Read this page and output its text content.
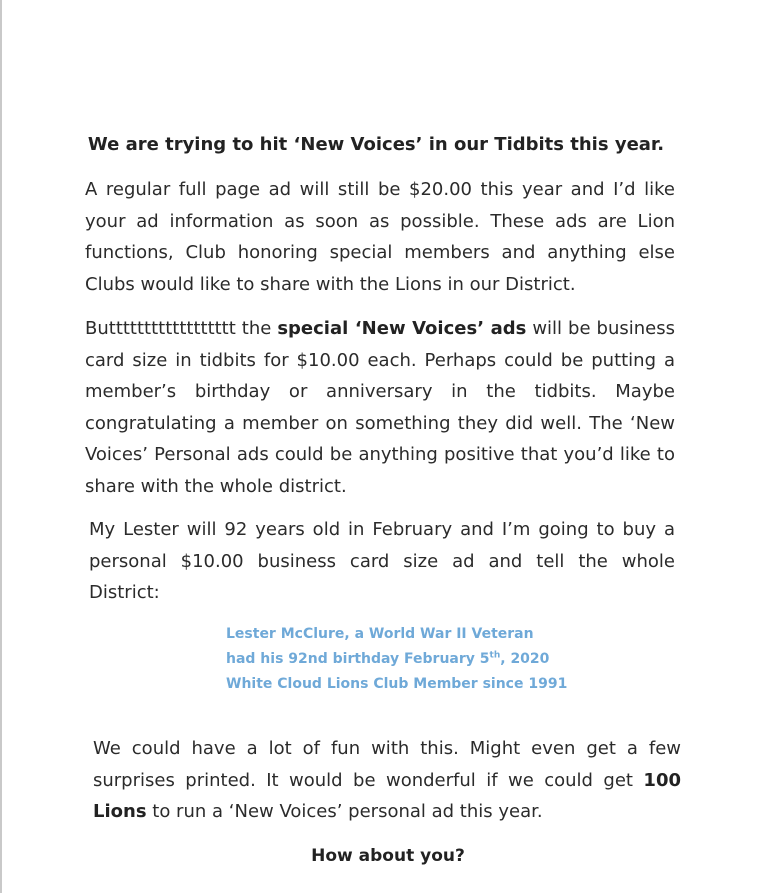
We are trying to hit ‘New Voices’ in our Tidbits this year.
A regular full page ad will still be $20.00 this year and I’d like your ad information as soon as possible. These ads are Lion functions, Club honoring special members and anything else Clubs would like to share with the Lions in our District.
Butttttttttttttttttt the special ‘New Voices’ ads will be business card size in tidbits for $10.00 each. Perhaps could be putting a member’s birthday or anniversary in the tidbits. Maybe congratulating a member on something they did well. The ‘New Voices’ Personal ads could be anything positive that you’d like to share with the whole district.
My Lester will 92 years old in February and I’m going to buy a personal $10.00 business card size ad and tell the whole District:
Lester McClure, a World War II Veteran
had his 92nd birthday February 5th, 2020
White Cloud Lions Club Member since 1991
We could have a lot of fun with this. Might even get a few surprises printed. It would be wonderful if we could get 100 Lions to run a ‘New Voices’ personal ad this year.
How about you?
